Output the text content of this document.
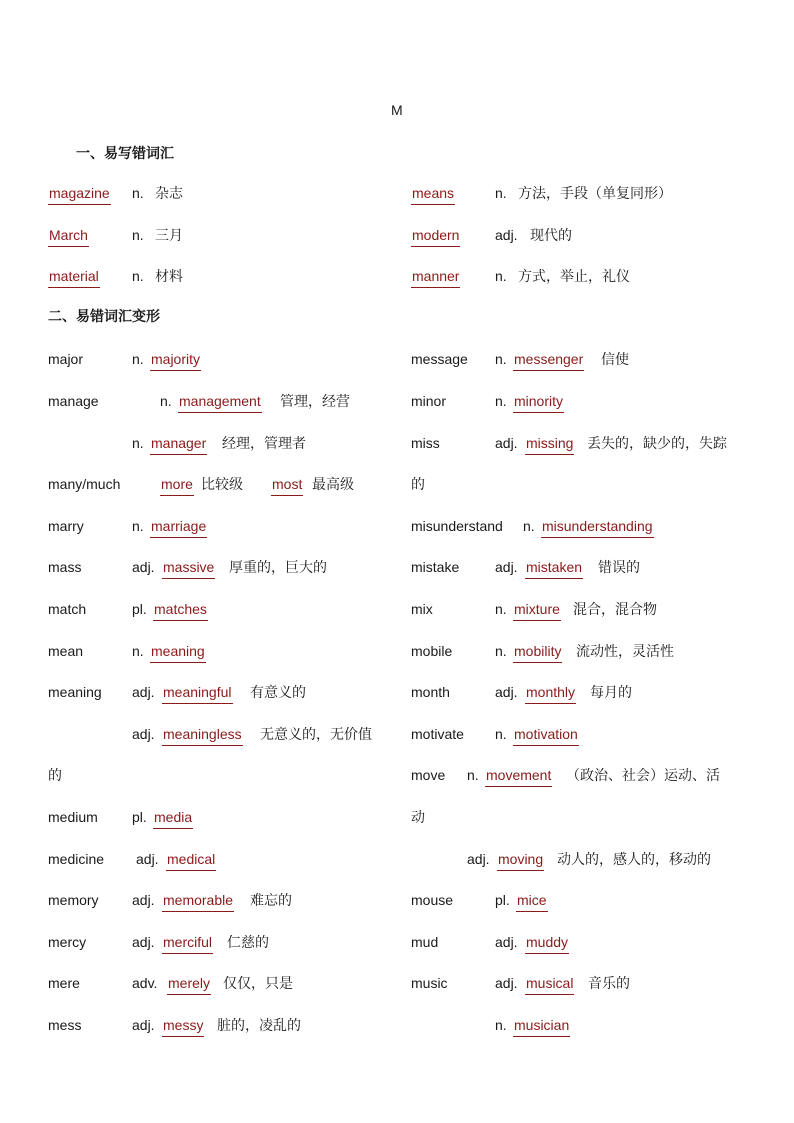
M
一、易写错词汇
magazine n. 杂志
March	n. 三月
material n. 材料
means	n. 方法，手段（单复同形）
modern	adj. 现代的
manner	n. 方式，举止，礼仪
二、易错词汇变形
major	n. majority
manage	n. management 管理，经营
n. manager 经理，管理者
many/much	more 比较级 most 最高级
marry	n. marriage
mass	adj. massive 厚重的，巨大的
match	pl. matches
mean	n. meaning
meaning adj. meaningful 有意义的
adj. meaningless 无意义的，无价值
的
medium pl. media
medicine adj. medical
memory adj. memorable 难忘的
mercy	adj. merciful 仁慈的
mere	adv. merely 仅仅，只是
mess	adj. messy 脏的，凌乱的
message n. messenger 信使
minor	n. minority
miss	adj. missing 丢失的，缺少的，失踪
的
misunderstand n. misunderstanding
mistake	adj. mistaken 错误的
mix	n. mixture 混合，混合物
mobile	n. mobility 流动性，灵活性
month	adj. monthly 每月的
motivate n. motivation
move n. movement （政治、社会）运动、活
动
adj. moving 动人的，感人的，移动的
mouse	pl. mice
mud	adj. muddy
music	adj. musical 音乐的
n. musician
